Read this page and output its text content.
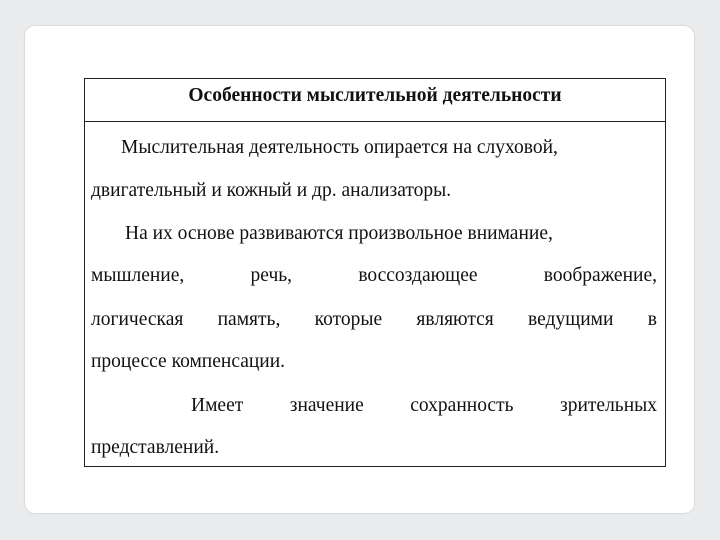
Особенности мыслительной деятельности
Мыслительная деятельность опирается на слуховой,
двигательный и кожный и др. анализаторы.
На их основе развиваются произвольное внимание,
мышление,	речь,	воссоздающее	воображение,
логическая память, которые являются ведущими в
процессе компенсации.
Имеет значение сохранность зрительных
представлений.
